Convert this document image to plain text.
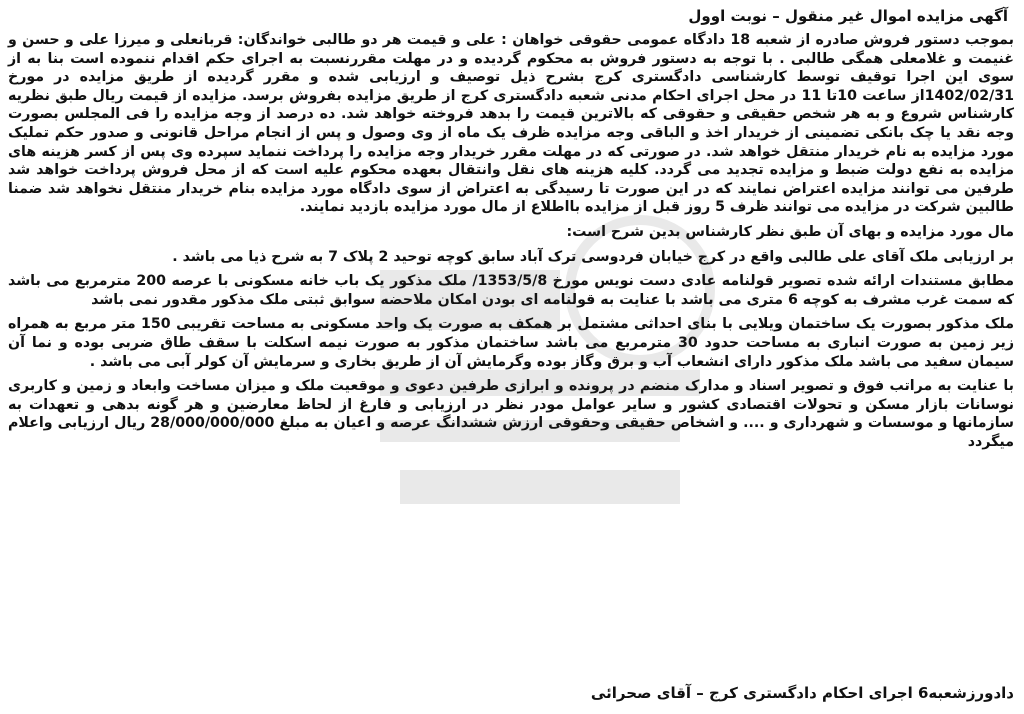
آگهی مزایده اموال غیر منقول – نوبت اوول

بموجب دستور فروش صادره از شعبه 18 دادگاه عمومی حقوقی خواهان : علی و قیمت هر دو طالبی خواندگان: قربانعلی و میرزا علی و حسن و غنیمت و غلامعلی همگی طالبی . با توجه به دستور فروش به محکوم گردیده و در مهلت مقررنسبت به اجرای حکم اقدام ننموده است بنا به از سوی این اجرا توقیف توسط کارشناسی دادگستری کرج بشرح ذیل توصیف و ارزیابی شده و مقرر گردیده از طریق مزایده در مورخ 1402/02/31از ساعت 10تا 11 در محل اجرای احکام مدنی شعبه دادگستری کرج از طریق مزایده بفروش برسد. مزایده از قیمت ریال طبق نظریه کارشناس شروع و به هر شخص حقیقی و حقوقی که بالاترین قیمت را بدهد فروخته خواهد شد. ده درصد از وجه مزایده را فی المجلس بصورت وجه نقد یا چک بانکی تضمینی از خریدار اخذ و الباقی وجه مزایده ظرف یک ماه از وی وصول و پس از انجام مراحل قانونی و صدور حکم تملیک مورد مزایده به نام خریدار منتقل خواهد شد. در صورتی که در مهلت مقرر خریدار وجه مزایده را پرداخت ننماید سپرده وی پس از کسر هزینه های مزایده به نفع دولت ضبط و مزایده تجدید می گردد. کلیه هزینه های نقل وانتقال بعهده محکوم علیه است که از محل فروش پرداخت خواهد شد طرفین می توانند مزایده اعتراض نمایند که در این صورت تا رسیدگی به اعتراض از سوی دادگاه مورد مزایده بنام خریدار منتقل نخواهد شد ضمنا طالبین شرکت در مزایده می توانند ظرف 5 روز قبل از مزایده بااطلاع از مال مورد مزایده بازدید نمایند.

مال مورد مزایده و بهای آن طبق نظر کارشناس بدین شرح است:

بر ارزیابی ملک آقای علی طالبی واقع در کرج خیابان فردوسی ترک آباد سابق کوچه توحید 2 پلاک 7 به شرح ذیا می باشد .

مطابق مستندات ارائه شده تصویر قولنامه عادی دست نویس مورخ 1353/5/8/ ملک مذکور یک باب خانه مسکونی با عرصه 200 مترمربع می باشد که سمت غرب مشرف به کوچه 6 متری می باشد با عنایت به قولنامه ای بودن امکان ملاحضه سوابق ثبتی ملک مذکور مقدور نمی باشد

ملک مذکور بصورت یک ساختمان ویلایی با بنای احداثی مشتمل بر همکف به صورت یک واحد مسکونی به مساحت تقریبی 150 متر مربع به همراه زیر زمین به صورت انباری به مساحت حدود 30 مترمربع می باشد ساختمان مذکور به صورت نیمه اسکلت با سقف طاق ضربی بوده و نما آن سیمان سفید می باشد ملک مذکور دارای انشعاب آب و برق وگاز بوده وگرمایش آن از طریق بخاری و سرمایش آن کولر آبی می باشد .

با عنایت به مراتب فوق و تصویر اسناد و مدارک منضم در پرونده و ابرازی طرفین دعوی و موقعیت ملک و میزان مساخت وابعاد و زمین و کاربری نوسانات بازار مسکن و تحولات اقتصادی کشور و سایر عوامل مودر نظر در ارزیابی و فارغ از لحاظ معارضین و هر گونه بدهی و تعهدات به سازمانها و موسسات و شهرداری و .... و اشخاص حقیقی وحقوقی ارزش ششدانگ عرصه و اعیان به مبلغ 28/000/000/000 ریال ارزیابی واعلام میگردد

دادورزشعبه6 اجرای احکام دادگستری کرج – آقای صحرائی
